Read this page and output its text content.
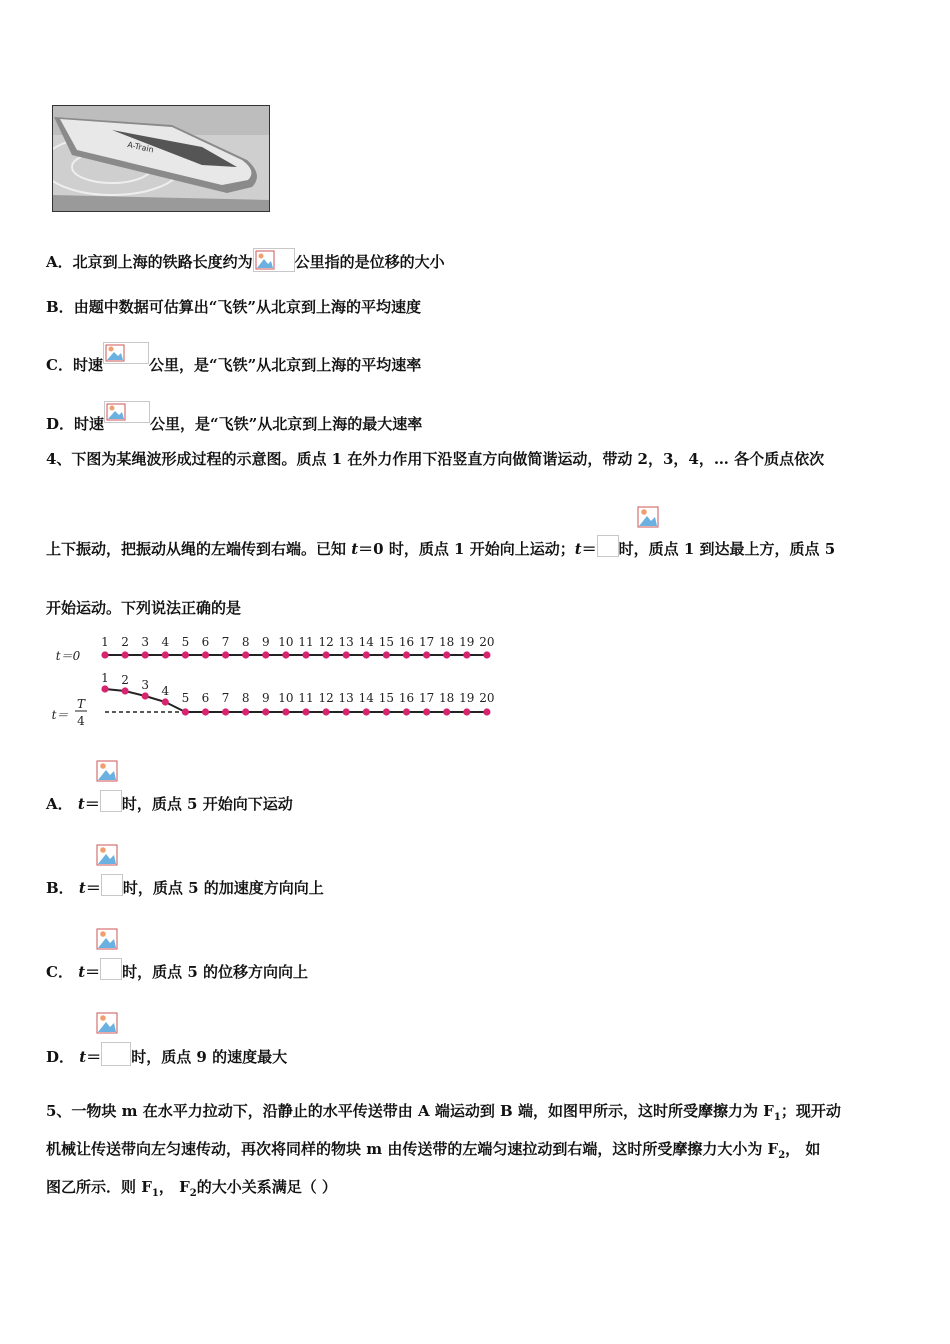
A-Train
A．北京到上海的铁路长度约为	公里指的是位移的大小
B．由题中数据可估算出“飞铁”从北京到上海的平均速度
C．时速	公里，是“飞铁”从北京到上海的平均速率
D．时速	公里，是“飞铁”从北京到上海的最大速率
4、下图为某绳波形成过程的示意图。质点 1 在外力作用下沿竖直方向做简谐运动，带动 2，3，4，… 各个质点依次
上下振动，把振动从绳的左端传到右端。已知 t＝0 时，质点 1 开始向上运动；t＝ 时，质点 1 到达最上方，质点 5
开始运动。下列说法正确的是
t＝0
1 2 3 4 5 6 7 8 9 10 11 12 13 14 15 16 17 18 19 20
t＝
T
4
1 2 3 4 5 6 7 8 9 10 11 12 13 14 15 16 17 18 19 20
A． t＝ 时，质点 5 开始向下运动
B． t＝ 时，质点 5 的加速度方向向上
C． t＝ 时，质点 5 的位移方向向上
D． t＝ 时，质点 9 的速度最大
5、一物块 m 在水平力拉动下，沿静止的水平传送带由 A 端运动到 B 端，如图甲所示，这时所受摩擦力为 $F_1$；现开动
机械让传送带向左匀速传动，再次将同样的物块 m 由传送带的左端匀速拉动到右端，这时所受摩擦力大小为 $F_2$， 如
图乙所示．则 $F_1$， $F_2$的大小关系满足（ ）
